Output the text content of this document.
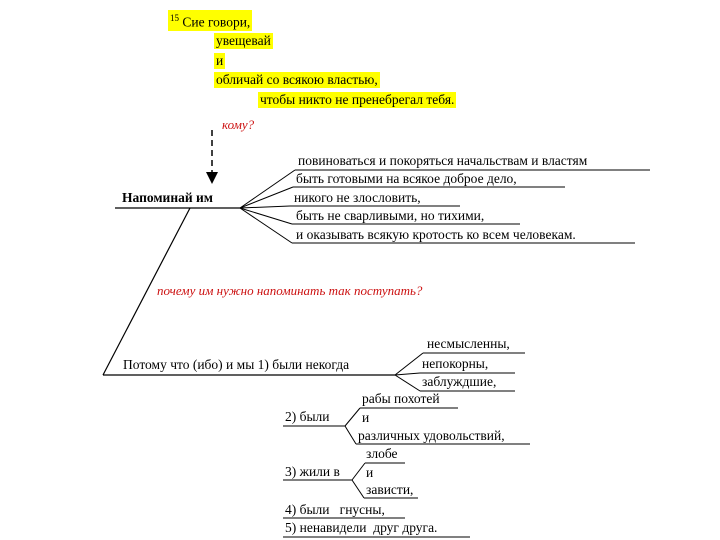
$^{15}$ Сие говори,
увещевай
и
обличай со всякою властью,
чтобы никто не пренебрегал тебя.
кому?
Напоминай им
повиноваться и покоряться начальствам и властям
быть готовыми на всякое доброе дело,
никого не злословить,
быть не сварливыми, но тихими,
и оказывать всякую кротость ко всем человекам.
почему им нужно напоминать так поступать?
Потому что (ибо) и мы 1) были некогда
несмысленны,
непокорны,
заблуждшие,
2) были
рабы похотей
и
различных удовольствий,
3) жили в
злобе
и
зависти,
4) были гнусны,
5) ненавидели друг друга.
